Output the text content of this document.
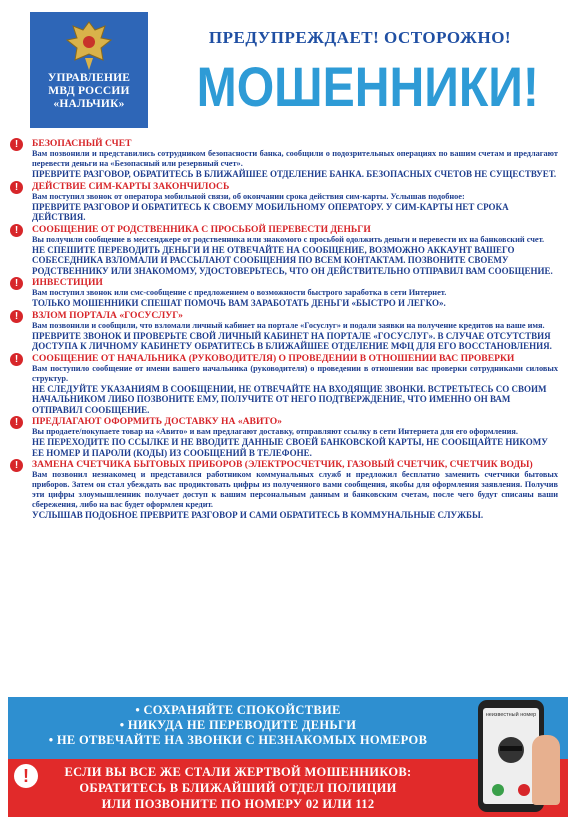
УПРАВЛЕНИЕ
МВД РОССИИ
«НАЛЬЧИК»
ПРЕДУПРЕЖДАЕТ! ОСТОРОЖНО!
МОШЕННИКИ!
!	БЕЗОПАСНЫЙ СЧЕТ
Вам позвонили и представились сотрудником безопасности банка, сообщили о подозрительных операциях по вашим счетам и предлагают перевести деньги на «Безопасный или резервный счет».
ПРЕВРИТЕ РАЗГОВОР, ОБРАТИТЕСЬ В БЛИЖАЙШЕЕ ОТДЕЛЕНИЕ БАНКА. БЕЗОПАСНЫХ СЧЕТОВ НЕ СУЩЕСТВУЕТ.
!	ДЕЙСТВИЕ СИМ-КАРТЫ ЗАКОНЧИЛОСЬ
Вам поступил звонок от оператора мобильной связи, об окончании срока действия сим-карты. Услышав подобное:
ПРЕВРИТЕ РАЗГОВОР И ОБРАТИТЕСЬ К СВОЕМУ МОБИЛЬНОМУ ОПЕРАТОРУ. У СИМ-КАРТЫ НЕТ СРОКА ДЕЙСТВИЯ.
!	СООБЩЕНИЕ ОТ РОДСТВЕННИКА С ПРОСЬБОЙ ПЕРЕВЕСТИ ДЕНЬГИ
Вы получили сообщение в мессенджере от родственника или знакомого с просьбой одолжить деньги и перевести их на банковский счет.
НЕ СПЕШИТЕ ПЕРЕВОДИТЬ ДЕНЬГИ И НЕ ОТВЕЧАЙТЕ НА СООБЩЕНИЕ, ВОЗМОЖНО АККАУНТ ВАШЕГО СОБЕСЕДНИКА ВЗЛОМАЛИ И РАССЫЛАЮТ СООБЩЕНИЯ ПО ВСЕМ КОНТАКТАМ. ПОЗВОНИТЕ СВОЕМУ РОДСТВЕННИКУ ИЛИ ЗНАКОМОМУ, УДОСТОВЕРЬТЕСЬ, ЧТО ОН ДЕЙСТВИТЕЛЬНО ОТПРАВИЛ ВАМ СООБЩЕНИЕ.
!	ИНВЕСТИЦИИ
Вам поступил звонок или смс-сообщение с предложением о возможности быстрого заработка в сети Интернет.
ТОЛЬКО МОШЕННИКИ СПЕШАТ ПОМОЧЬ ВАМ ЗАРАБОТАТЬ ДЕНЬГИ «БЫСТРО И ЛЕГКО».
!	ВЗЛОМ ПОРТАЛА «ГОСУСЛУГ»
Вам позвонили и сообщили, что взломали личный кабинет на портале «Госуслуг» и подали заявки на получение кредитов на ваше имя.
ПРЕВРИТЕ ЗВОНОК И ПРОВЕРЬТЕ СВОЙ ЛИЧНЫЙ КАБИНЕТ НА ПОРТАЛЕ «ГОСУСЛУГ». В СЛУЧАЕ ОТСУТСТВИЯ ДОСТУПА К ЛИЧНОМУ КАБИНЕТУ ОБРАТИТЕСЬ В БЛИЖАЙШЕЕ ОТДЕЛЕНИЕ МФЦ ДЛЯ ЕГО ВОССТАНОВЛЕНИЯ.
!	СООБЩЕНИЕ ОТ НАЧАЛЬНИКА (РУКОВОДИТЕЛЯ) О ПРОВЕДЕНИИ В ОТНОШЕНИИ ВАС ПРОВЕРКИ
Вам поступило сообщение от имени вашего начальника (руководителя) о проведении в отношении вас проверки сотрудниками силовых структур.
НЕ СЛЕДУЙТЕ УКАЗАНИЯМ В СООБЩЕНИИ, НЕ ОТВЕЧАЙТЕ НА ВХОДЯЩИЕ ЗВОНКИ. ВСТРЕТЬТЕСЬ СО СВОИМ НАЧАЛЬНИКОМ ЛИБО ПОЗВОНИТЕ ЕМУ, ПОЛУЧИТЕ ОТ НЕГО ПОДТВЕРЖДЕНИЕ, ЧТО ИМЕННО ОН ВАМ ОТПРАВИЛ СООБЩЕНИЕ.
!	ПРЕДЛАГАЮТ ОФОРМИТЬ ДОСТАВКУ НА «АВИТО»
Вы продаете/покупаете товар на «Авито» и вам предлагают доставку, отправляют ссылку в сети Интернета для его оформления.
НЕ ПЕРЕХОДИТЕ ПО ССЫЛКЕ И НЕ ВВОДИТЕ ДАННЫЕ СВОЕЙ БАНКОВСКОЙ КАРТЫ, НЕ СООБЩАЙТЕ НИКОМУ ЕЕ НОМЕР И ПАРОЛИ (КОДЫ) ИЗ СООБЩЕНИЙ В ТЕЛЕФОНЕ.
!	ЗАМЕНА СЧЕТЧИКА БЫТОВЫХ ПРИБОРОВ (ЭЛЕКТРОСЧЕТЧИК, ГАЗОВЫЙ СЧЕТЧИК, СЧЕТЧИК ВОДЫ)
Вам позвонил незнакомец и представился работником коммунальных служб и предложил бесплатно заменить счетчики бытовых приборов. Затем он стал убеждать вас продиктовать цифры из полученного вами сообщения, якобы для оформления заявления. Получив эти цифры злоумышленник получает доступ к вашим персональным данным и банковским счетам, после чего будут списаны ваши сбережения, либо на вас будет оформлен кредит.
УСЛЫШАВ ПОДОБНОЕ ПРЕВРИТЕ РАЗГОВОР И САМИ ОБРАТИТЕСЬ В КОММУНАЛЬНЫЕ СЛУЖБЫ.
• СОХРАНЯЙТЕ СПОКОЙСТВИЕ
• НИКУДА НЕ ПЕРЕВОДИТЕ ДЕНЬГИ
• НЕ ОТВЕЧАЙТЕ НА ЗВОНКИ С НЕЗНАКОМЫХ НОМЕРОВ
ЕСЛИ ВЫ ВСЕ ЖЕ СТАЛИ ЖЕРТВОЙ МОШЕННИКОВ:
ОБРАТИТЕСЬ В БЛИЖАЙШИЙ ОТДЕЛ ПОЛИЦИИ
ИЛИ ПОЗВОНИТЕ ПО НОМЕРУ 02 ИЛИ 112
!
неизвестный номер
